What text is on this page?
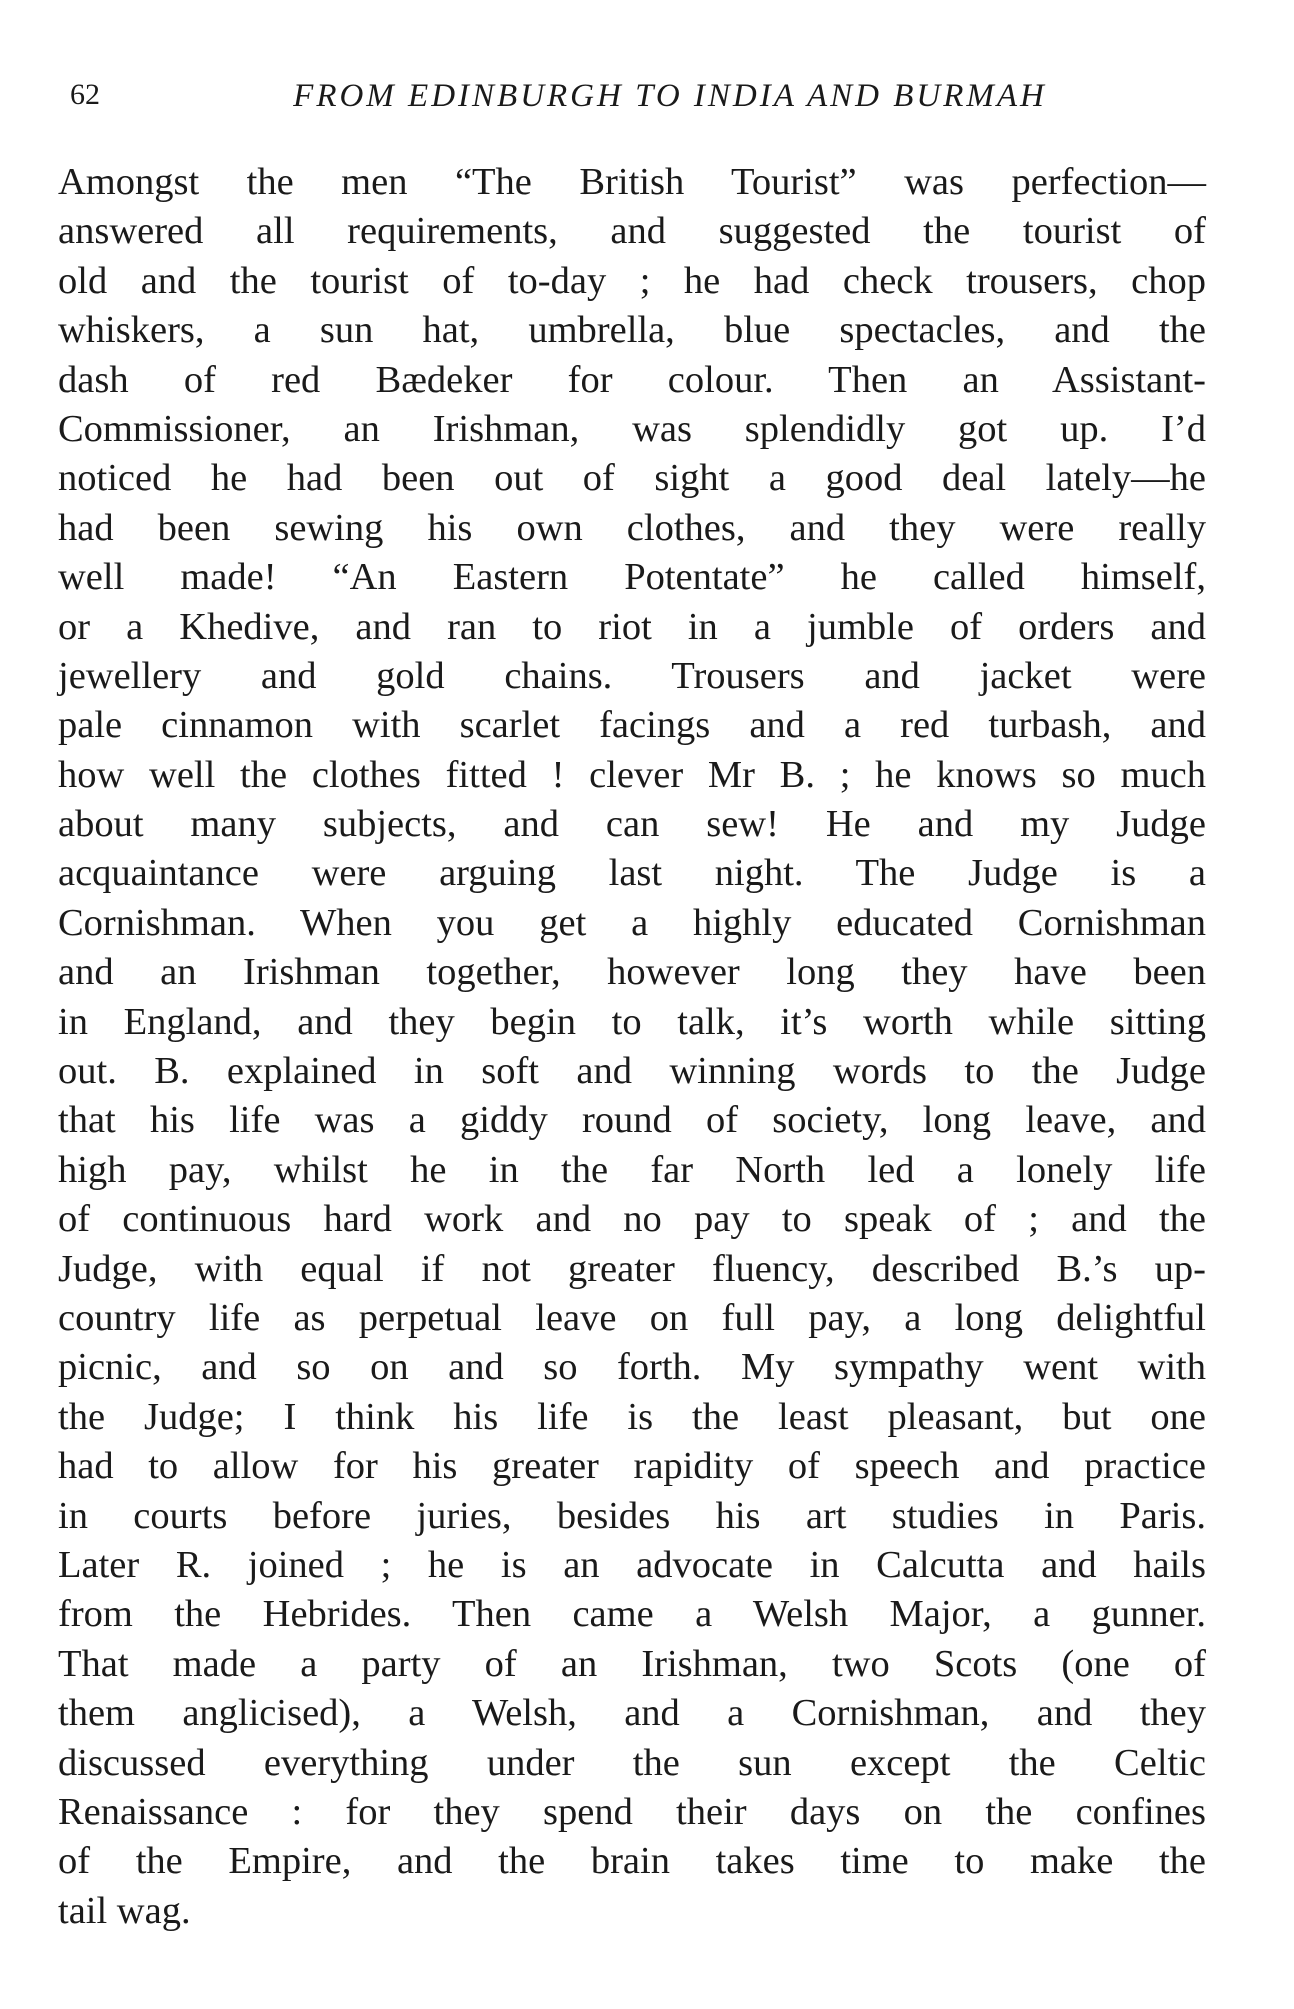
62	FROM EDINBURGH TO INDIA AND BURMAH
Amongst the men “The British Tourist” was perfection—
answered all requirements, and suggested the tourist of
old and the tourist of to-day ; he had check trousers, chop
whiskers, a sun hat, umbrella, blue spectacles, and the
dash of red Bædeker for colour. Then an Assistant-
Commissioner, an Irishman, was splendidly got up. I’d
noticed he had been out of sight a good deal lately—he
had been sewing his own clothes, and they were really
well made! “An Eastern Potentate” he called himself,
or a Khedive, and ran to riot in a jumble of orders and
jewellery and gold chains. Trousers and jacket were
pale cinnamon with scarlet facings and a red turbash, and
how well the clothes fitted ! clever Mr B. ; he knows so much
about many subjects, and can sew! He and my Judge
acquaintance were arguing last night. The Judge is a
Cornishman. When you get a highly educated Cornishman
and an Irishman together, however long they have been
in England, and they begin to talk, it’s worth while sitting
out. B. explained in soft and winning words to the Judge
that his life was a giddy round of society, long leave, and
high pay, whilst he in the far North led a lonely life
of continuous hard work and no pay to speak of ; and the
Judge, with equal if not greater fluency, described B.’s up-
country life as perpetual leave on full pay, a long delightful
picnic, and so on and so forth. My sympathy went with
the Judge; I think his life is the least pleasant, but one
had to allow for his greater rapidity of speech and practice
in courts before juries, besides his art studies in Paris.
Later R. joined ; he is an advocate in Calcutta and hails
from the Hebrides. Then came a Welsh Major, a gunner.
That made a party of an Irishman, two Scots (one of
them anglicised), a Welsh, and a Cornishman, and they
discussed everything under the sun except the Celtic
Renaissance : for they spend their days on the confines
of the Empire, and the brain takes time to make the
tail wag.
